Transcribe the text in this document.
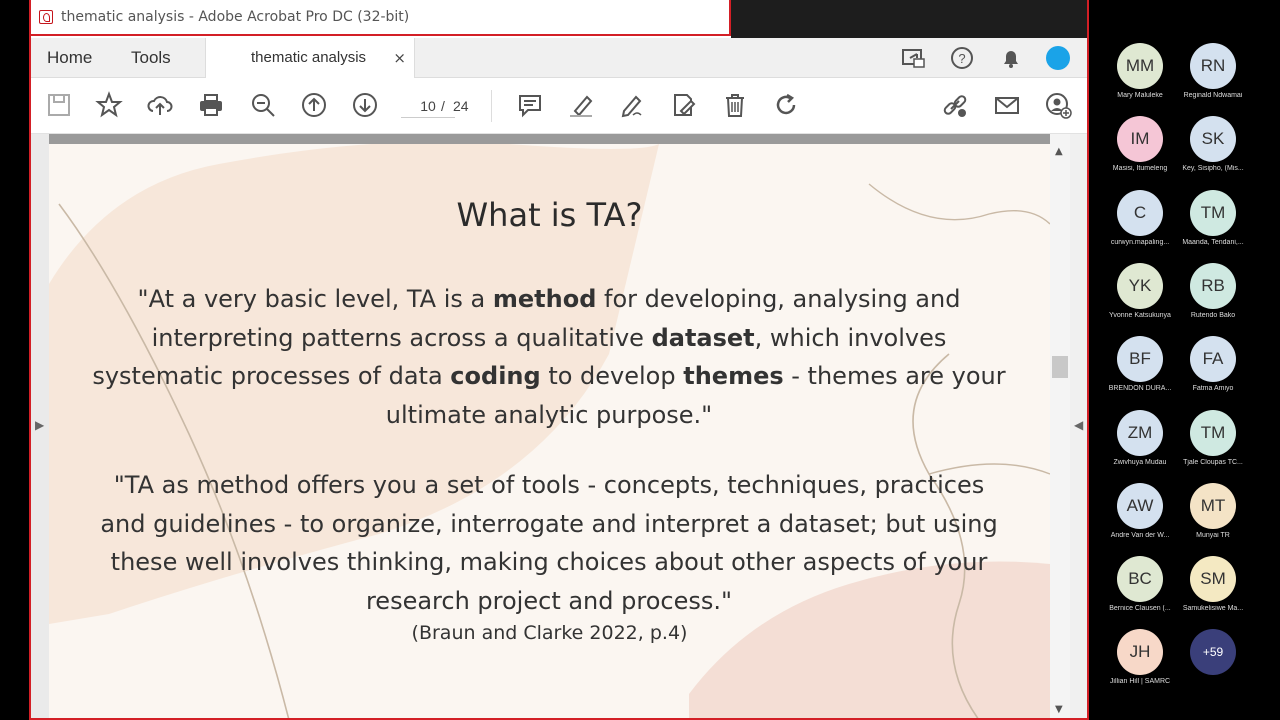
thematic analysis - Adobe Acrobat Pro DC (32-bit)
Home Tools	thematic analysis ×	?
10 / 24
▶
What is TA?
"At a very basic level, TA is a method for developing, analysing and interpreting patterns across a qualitative dataset, which involves systematic processes of data coding to develop themes - themes are your ultimate analytic purpose."
"TA as method offers you a set of tools - concepts, techniques, practices and guidelines - to organize, interrogate and interpret a dataset; but using these well involves thinking, making choices about other aspects of your research project and process."
(Braun and Clarke 2022, p.4)
▲
▼
◀
MM
Mary Maluleke
RN
Reginald Ndwamai
IM
Masisi, Itumeleng
SK
Key, Sisipho, (Mis...
C
curwyn.mapaling...
TM
Maanda, Tendani,...
YK
Yvonne Katsukunya
RB
Rutendo Bako
BF
BRENDON DURA...
FA
Fatma Amiyo
ZM
Zwivhuya Mudau
TM
Tjale Cloupas TC...
AW
Andre Van der W...
MT
Munyai TR
BC
Bernice Clausen (...
SM
Samukelisiwe Ma...
JH
Jillian Hill | SAMRC
+59
